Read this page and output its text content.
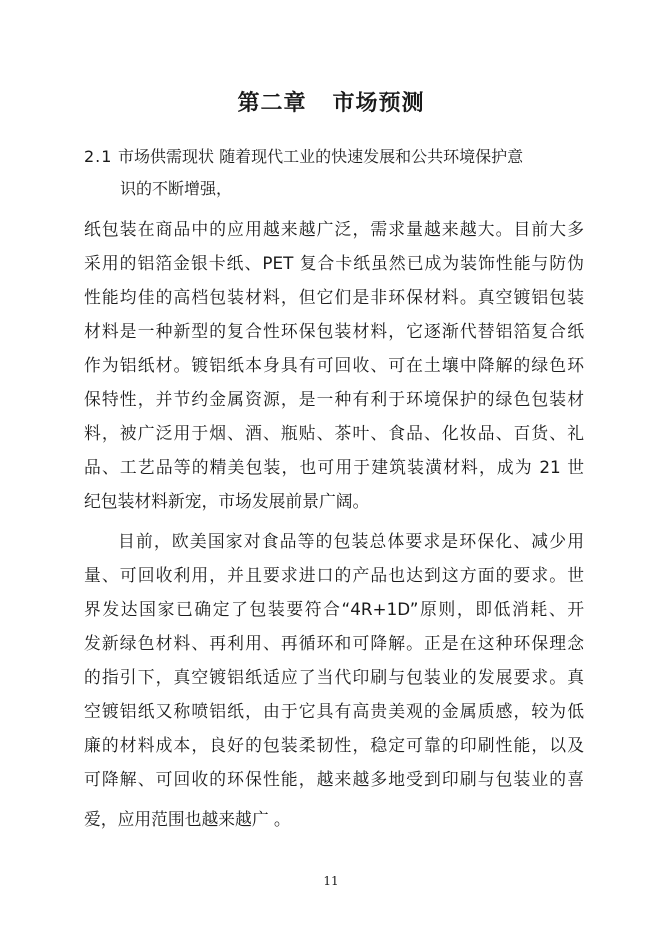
第二章 市场预测

2.1 市场供需现状 随着现代工业的快速发展和公共环境保护意

识的不断增强，

纸包装在商品中的应用越来越广泛，需求量越来越大。目前大多

采用的铝箔金银卡纸、PET 复合卡纸虽然已成为装饰性能与防伪

性能均佳的高档包装材料，但它们是非环保材料。真空镀铝包装

材料是一种新型的复合性环保包装材料，它逐渐代替铝箔复合纸

作为铝纸材。镀铝纸本身具有可回收、可在土壤中降解的绿色环

保特性，并节约金属资源，是一种有利于环境保护的绿色包装材

料，被广泛用于烟、酒、瓶贴、茶叶、食品、化妆品、百货、礼

品、工艺品等的精美包装，也可用于建筑装潢材料，成为 21 世

纪包装材料新宠，市场发展前景广阔。

目前，欧美国家对食品等的包装总体要求是环保化、减少用

量、可回收利用，并且要求进口的产品也达到这方面的要求。世

界发达国家已确定了包装要符合“4R+1D”原则，即低消耗、开

发新绿色材料、再利用、再循环和可降解。正是在这种环保理念

的指引下，真空镀铝纸适应了当代印刷与包装业的发展要求。真

空镀铝纸又称喷铝纸，由于它具有高贵美观的金属质感，较为低

廉的材料成本，良好的包装柔韧性，稳定可靠的印刷性能，以及

可降解、可回收的环保性能，越来越多地受到印刷与包装业的喜

爱，应用范围也越来越广 。

11
